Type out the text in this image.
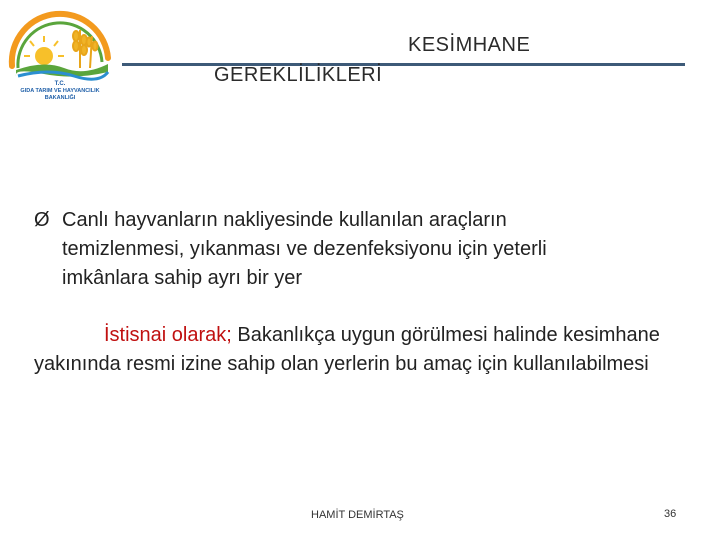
T.C.
GIDA TARIM VE HAYVANCILIK
BAKANLIĞI
KESİMHANE
GEREKLİLİKLERİ
Ø Canlı hayvanların nakliyesinde kullanılan araçların temizlenmesi, yıkanması ve dezenfeksiyonu için yeterli imkânlara sahip ayrı bir yer
İstisnai olarak; Bakanlıkça uygun görülmesi halinde kesimhane yakınında resmi izine sahip olan yerlerin bu amaç için kullanılabilmesi
HAMİT DEMİRTAŞ	36
